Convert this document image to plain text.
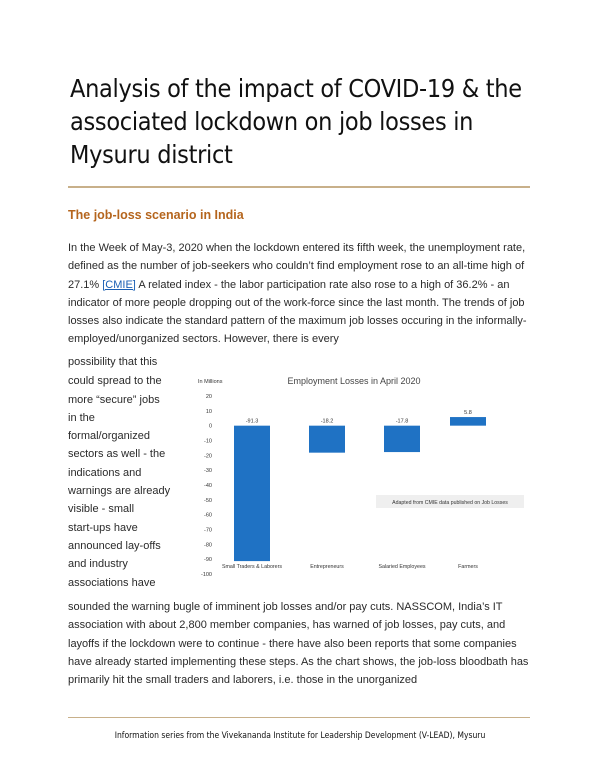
Analysis of the impact of COVID-19 & the associated lockdown on job losses in Mysuru district
The job-loss scenario in India

In the Week of May-3, 2020 when the lockdown entered its fifth week, the unemployment rate, defined as the number of job-seekers who couldn’t find employment rose to an all-time high of 27.1% [CMIE] A related index - the labor participation rate also rose to a high of 36.2% - an indicator of more people dropping out of the work-force since the last month. The trends of job losses also indicate the standard pattern of the maximum job losses occuring in the informally-employed/unorganized sectors. However, there is every

possibility that this
could spread to the
more “secure” jobs
in the
formal/organized
sectors as well - the
indications and
warnings are already
visible - small
start-ups have
announced lay-offs
and industry
associations have
Employment Losses in April 2020
In Millions
20
10
0
-10
-20
-30
-40
-50
-60
-70
-80
-90
-100
-91.3	-18.2	-17.8
5.8
Small Traders & Laborers	Entrepreneurs	Salaried Employees	Farmers
Adapted from CMIE data published on Job Losses

sounded the warning bugle of imminent job losses and/or pay cuts. NASSCOM, India’s IT association with about 2,800 member companies, has warned of job losses, pay cuts, and layoffs if the lockdown were to continue - there have also been reports that some companies have already started implementing these steps. As the chart shows, the job-loss bloodbath has primarily hit the small traders and laborers, i.e. those in the unorganized

Information series from the Vivekananda Institute for Leadership Development (V-LEAD), Mysuru
